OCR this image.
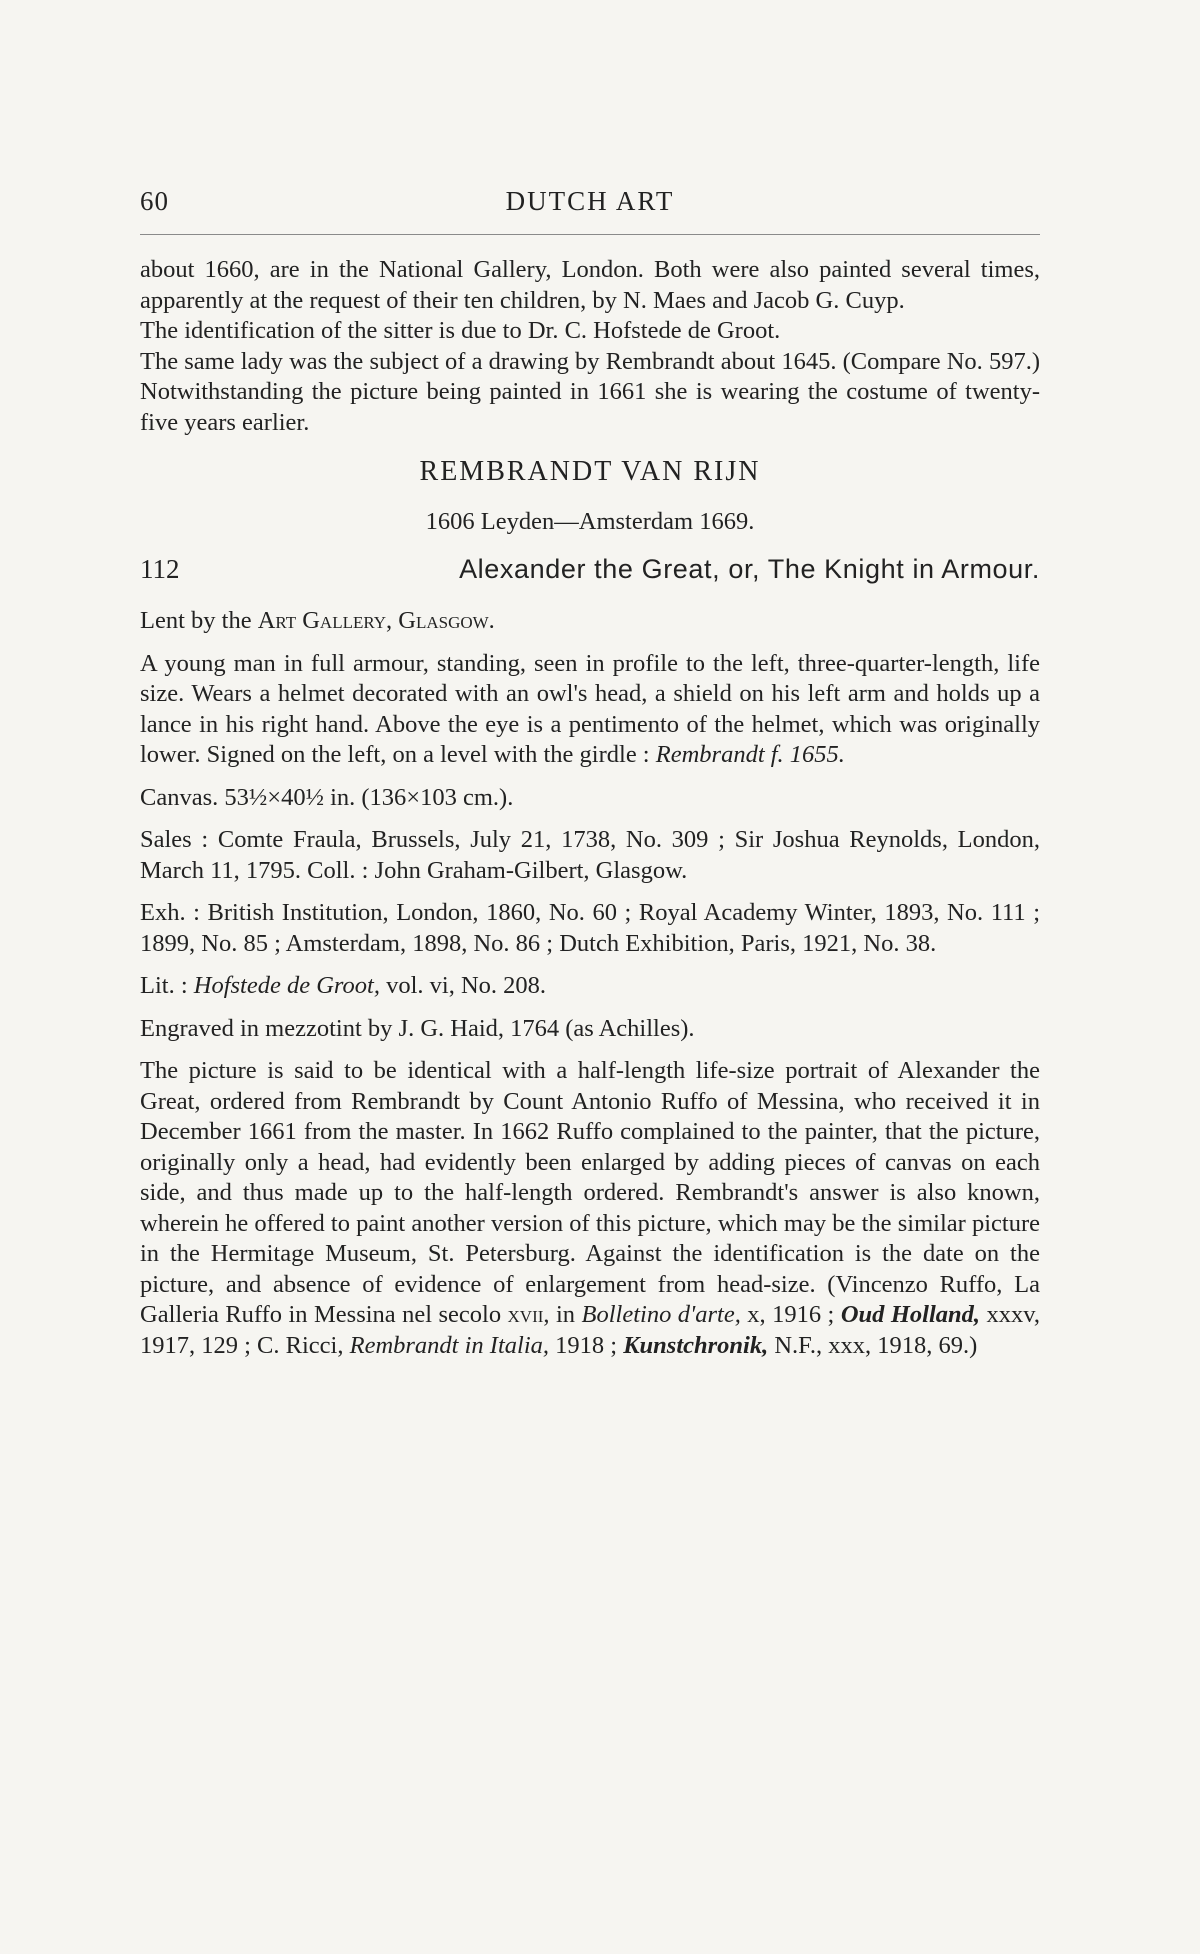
60	DUTCH ART

about 1660, are in the National Gallery, London. Both were also painted several times, apparently at the request of their ten children, by N. Maes and Jacob G. Cuyp.

The identification of the sitter is due to Dr. C. Hofstede de Groot.

The same lady was the subject of a drawing by Rembrandt about 1645. (Compare No. 597.) Notwithstanding the picture being painted in 1661 she is wearing the costume of twenty-five years earlier.

REMBRANDT VAN RIJN
1606 Leyden—Amsterdam 1669.
112	Alexander the Great, or, The Knight in Armour.

Lent by the Art Gallery, Glasgow.

A young man in full armour, standing, seen in profile to the left, three-quarter-length, life size. Wears a helmet decorated with an owl's head, a shield on his left arm and holds up a lance in his right hand. Above the eye is a pentimento of the helmet, which was originally lower. Signed on the left, on a level with the girdle : Rembrandt f. 1655.

Canvas. 53½×40½ in. (136×103 cm.).

Sales : Comte Fraula, Brussels, July 21, 1738, No. 309 ; Sir Joshua Reynolds, London, March 11, 1795. Coll. : John Graham-Gilbert, Glasgow.

Exh. : British Institution, London, 1860, No. 60 ; Royal Academy Winter, 1893, No. 111 ; 1899, No. 85 ; Amsterdam, 1898, No. 86 ; Dutch Exhibition, Paris, 1921, No. 38.

Lit. : Hofstede de Groot, vol. vi, No. 208.

Engraved in mezzotint by J. G. Haid, 1764 (as Achilles).

The picture is said to be identical with a half-length life-size portrait of Alexander the Great, ordered from Rembrandt by Count Antonio Ruffo of Messina, who received it in December 1661 from the master. In 1662 Ruffo complained to the painter, that the picture, originally only a head, had evidently been enlarged by adding pieces of canvas on each side, and thus made up to the half-length ordered. Rembrandt's answer is also known, wherein he offered to paint another version of this picture, which may be the similar picture in the Hermitage Museum, St. Petersburg. Against the identification is the date on the picture, and absence of evidence of enlargement from head-size. (Vincenzo Ruffo, La Galleria Ruffo in Messina nel secolo xvii, in Bolletino d'arte, x, 1916 ; Oud Holland, xxxv, 1917, 129 ; C. Ricci, Rembrandt in Italia, 1918 ; Kunstchronik, N.F., xxx, 1918, 69.)
